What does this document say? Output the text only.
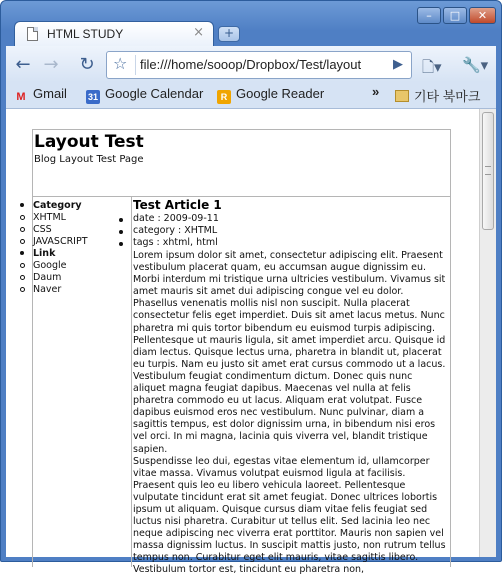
HTML STUDY	×	+
–	□	✕
← → ↻ ☆ file:///home/sooop/Dropbox/Test/layout	▶ 🗋▾ 🔧▾
M Gmail 31 Google Calendar	R Google Reader	»	기타 북마크
Layout Test
Blog Layout Test Page
Category
XHTML
CSS
JAVASCRIPT
Link
Google
Daum
Naver
Test Article 1
date : 2009-09-11
category : XHTML
tags : xhtml, html

Lorem ipsum dolor sit amet, consectetur adipiscing elit. Praesent vestibulum placerat quam, eu accumsan augue dignissim eu. Morbi interdum mi tristique urna ultricies vestibulum. Vivamus sit amet mauris sit amet dui adipiscing congue vel eu dolor. Phasellus venenatis mollis nisl non suscipit. Nulla placerat consectetur felis eget imperdiet. Duis sit amet lacus metus. Nunc pharetra mi quis tortor bibendum eu euismod turpis adipiscing. Pellentesque ut mauris ligula, sit amet imperdiet arcu. Quisque id diam lectus. Quisque lectus urna, pharetra in blandit ut, placerat eu turpis. Nam eu justo sit amet erat cursus commodo ut a lacus. Vestibulum feugiat condimentum dictum. Donec quis nunc aliquet magna feugiat dapibus. Maecenas vel nulla at felis pharetra commodo eu ut lacus. Aliquam erat volutpat. Fusce dapibus euismod eros nec vestibulum. Nunc pulvinar, diam a sagittis tempus, est dolor dignissim urna, in bibendum nisi eros vel orci. In mi magna, lacinia quis viverra vel, blandit tristique sapien.

Suspendisse leo dui, egestas vitae elementum id, ullamcorper vitae massa. Vivamus volutpat euismod ligula at facilisis. Praesent quis leo eu libero vehicula laoreet. Pellentesque vulputate tincidunt erat sit amet feugiat. Donec ultrices lobortis ipsum ut aliquam. Quisque cursus diam vitae felis feugiat sed luctus nisi pharetra. Curabitur ut tellus elit. Sed lacinia leo nec neque adipiscing nec viverra erat porttitor. Mauris non sapien vel massa dignissim luctus. In suscipit mattis justo, non rutrum tellus tempus non. Curabitur eget elit mauris, vitae sagittis libero. Vestibulum tortor est, tincidunt eu pharetra non,
